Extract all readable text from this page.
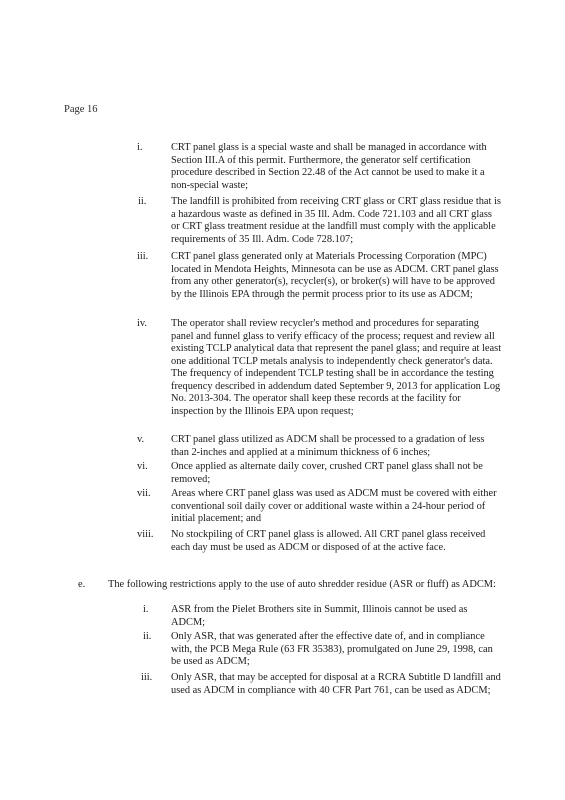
Page 16
i.	CRT panel glass is a special waste and shall be managed in accordance with Section III.A of this permit. Furthermore, the generator self certification procedure described in Section 22.48 of the Act cannot be used to make it a non-special waste;
ii. The landfill is prohibited from receiving CRT glass or CRT glass residue that is a hazardous waste as defined in 35 Ill. Adm. Code 721.103 and all CRT glass or CRT glass treatment residue at the landfill must comply with the applicable requirements of 35 Ill. Adm. Code 728.107;
iii. CRT panel glass generated only at Materials Processing Corporation (MPC) located in Mendota Heights, Minnesota can be use as ADCM. CRT panel glass from any other generator(s), recycler(s), or broker(s) will have to be approved by the Illinois EPA through the permit process prior to its use as ADCM;
iv. The operator shall review recycler's method and procedures for separating panel and funnel glass to verify efficacy of the process; request and review all existing TCLP analytical data that represent the panel glass; and require at least one additional TCLP metals analysis to independently check generator's data. The frequency of independent TCLP testing shall be in accordance the testing frequency described in addendum dated September 9, 2013 for application Log No. 2013-304. The operator shall keep these records at the facility for inspection by the Illinois EPA upon request;
v.	CRT panel glass utilized as ADCM shall be processed to a gradation of less than 2-inches and applied at a minimum thickness of 6 inches;
vi. Once applied as alternate daily cover, crushed CRT panel glass shall not be removed;
vii. Areas where CRT panel glass was used as ADCM must be covered with either conventional soil daily cover or additional waste within a 24-hour period of initial placement; and
viii. No stockpiling of CRT panel glass is allowed. All CRT panel glass received each day must be used as ADCM or disposed of at the active face.
e. The following restrictions apply to the use of auto shredder residue (ASR or fluff) as ADCM:
i. ASR from the Pielet Brothers site in Summit, Illinois cannot be used as ADCM;
ii. Only ASR, that was generated after the effective date of, and in compliance with, the PCB Mega Rule (63 FR 35383), promulgated on June 29, 1998, can be used as ADCM;
iii. Only ASR, that may be accepted for disposal at a RCRA Subtitle D landfill and used as ADCM in compliance with 40 CFR Part 761, can be used as ADCM;
